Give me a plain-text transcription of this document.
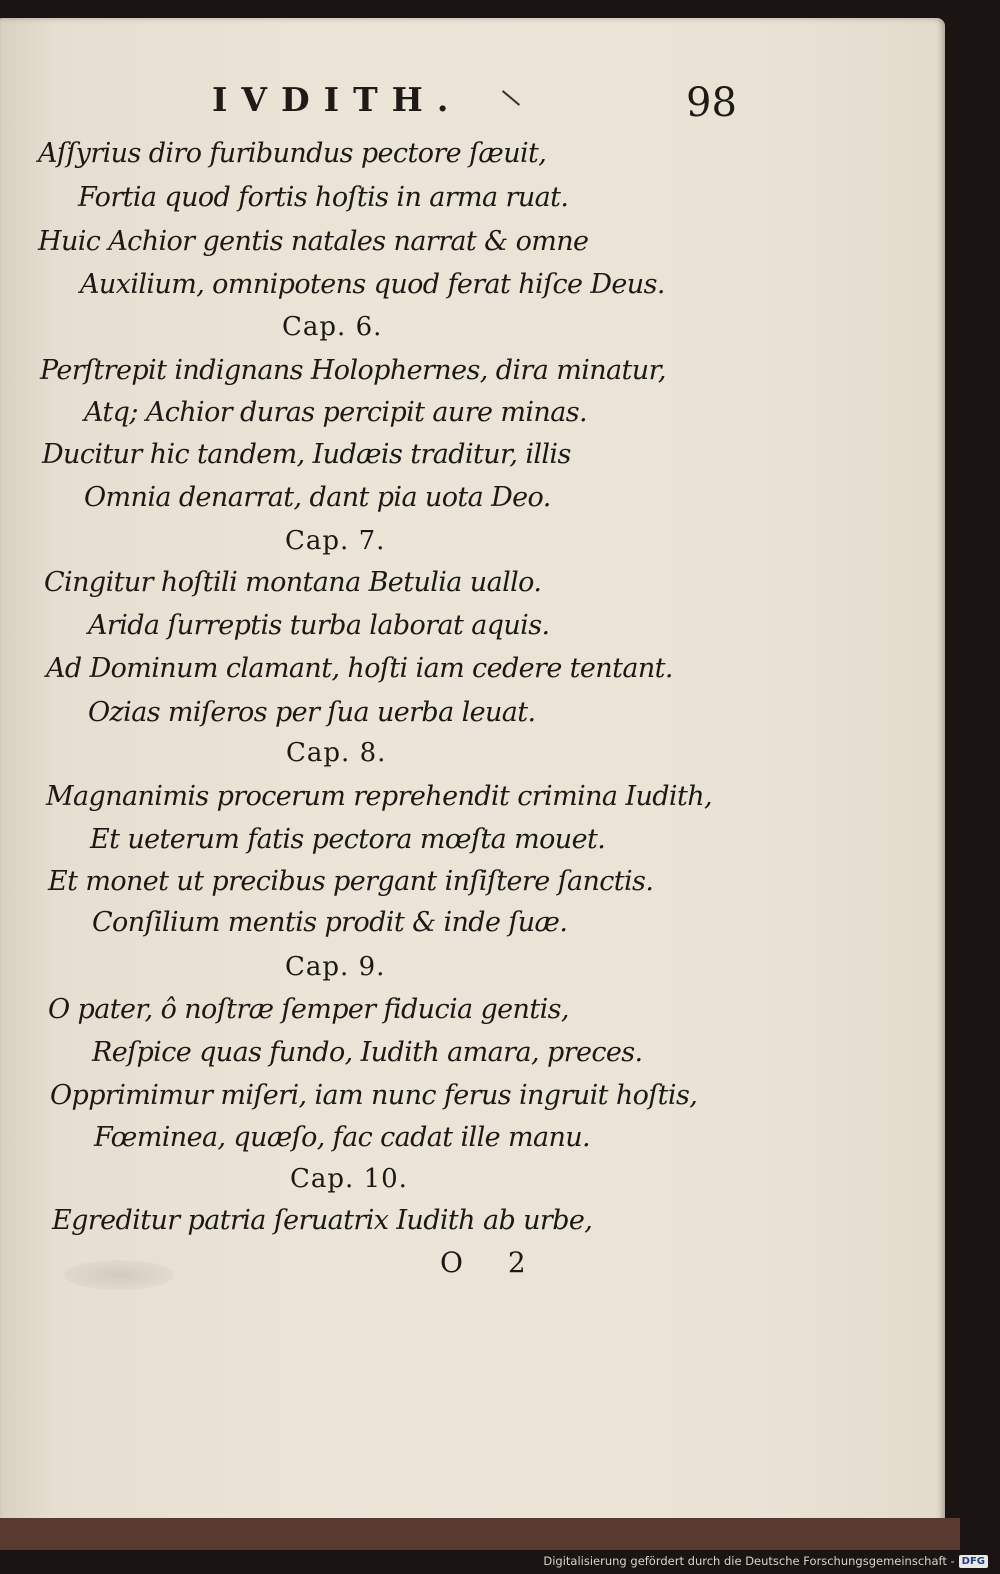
IVDITH.	98
Aſſyrius diro furibundus pectore ſæuit,
Fortia quod fortis hoſtis in arma ruat.
Huic Achior gentis natales narrat & omne
Auxilium, omnipotens quod ferat hiſce Deus.
Cap. 6.
Perſtrepit indignans Holophernes, dira minatur,
Atq; Achior duras percipit aure minas.
Ducitur hic tandem, Iudæis traditur, illis
Omnia denarrat, dant pia uota Deo.
Cap. 7.
Cingitur hoſtili montana Betulia uallo.
Arida ſurreptis turba laborat aquis.
Ad Dominum clamant, hoſti iam cedere tentant.
Ozias miſeros per ſua uerba leuat.
Cap. 8.
Magnanimis procerum reprehendit crimina Iudith,
Et ueterum fatis pectora mœſta mouet.
Et monet ut precibus pergant inſiſtere ſanctis.
Conſilium mentis prodit & inde ſuæ.
Cap. 9.
O pater, ô noſtræ ſemper fiducia gentis,
Reſpice quas fundo, Iudith amara, preces.
Opprimimur miſeri, iam nunc ferus ingruit hoſtis,
Fœminea, quæſo, fac cadat ille manu.
Cap. 10.
Egreditur patria ſeruatrix Iudith ab urbe,
O 2
Digitalisierung gefördert durch die Deutsche Forschungsgemeinschaft - DFG
